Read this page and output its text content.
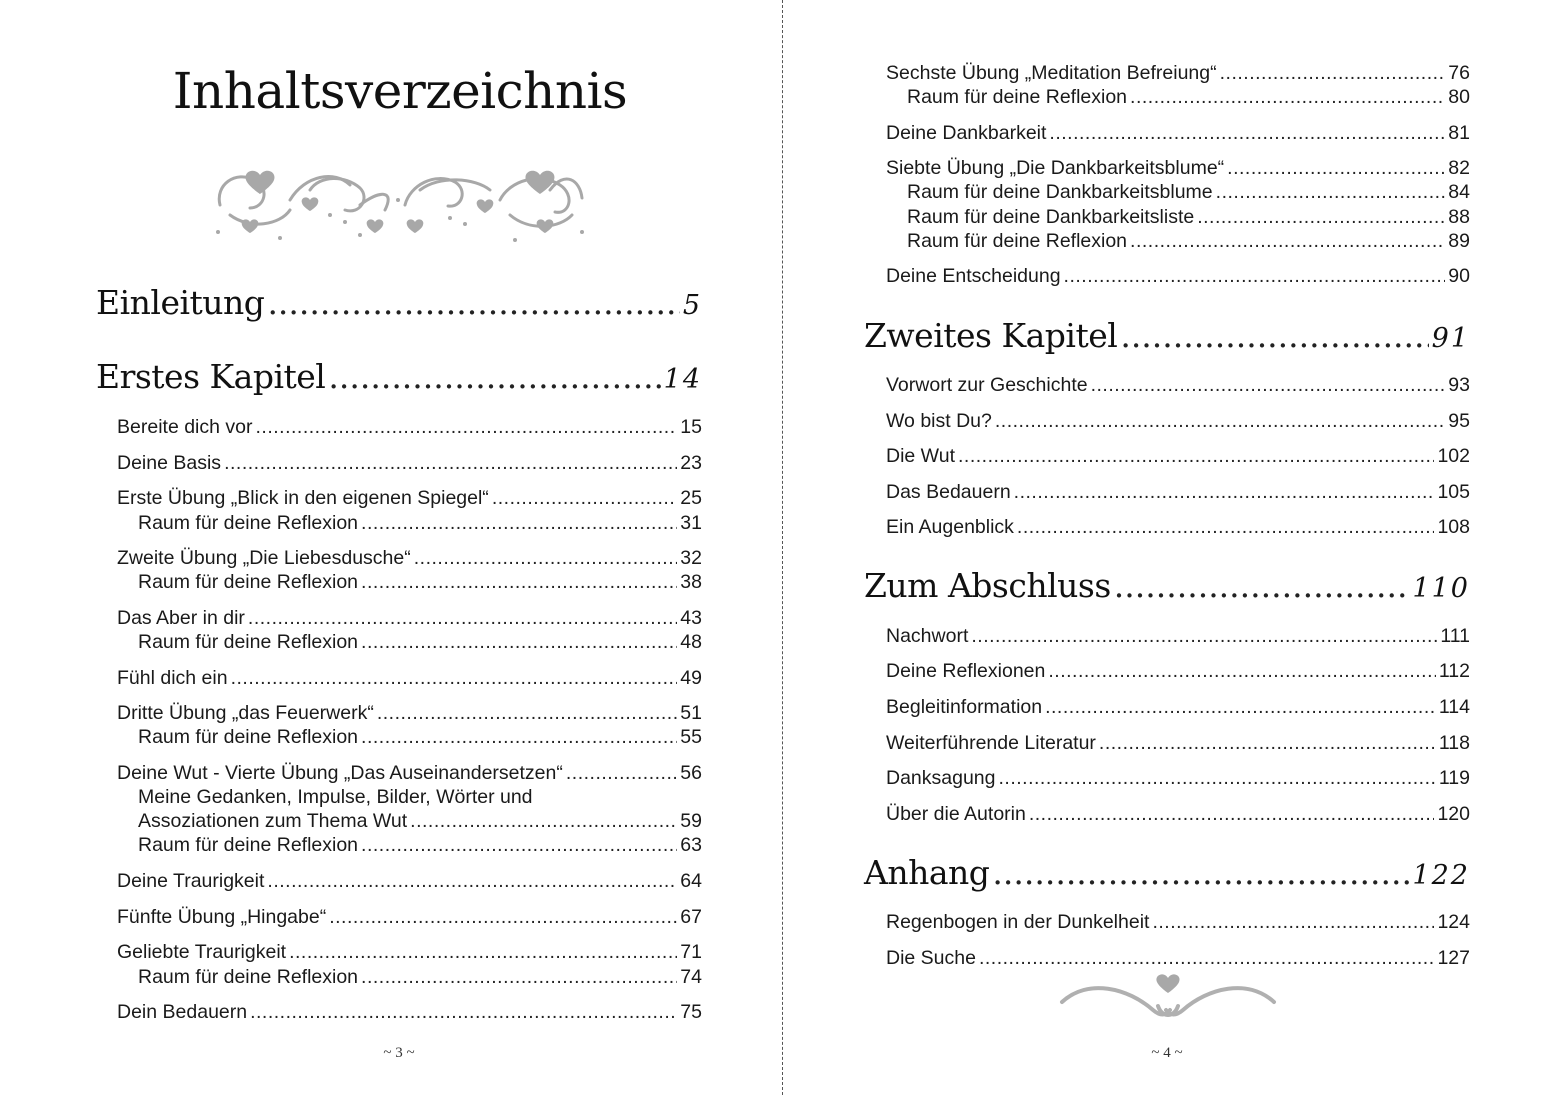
Inhaltsverzeichnis
Einleitung .....	5
Erstes Kapitel .....	14
Bereite dich vor .....	15
Deine Basis .....	23
Erste Übung „Blick in den eigenen Spiegel“ .....	25
Raum für deine Reflexion .....	31
Zweite Übung „Die Liebesdusche“ .....	32
Raum für deine Reflexion .....	38
Das Aber in dir .....	43
Raum für deine Reflexion .....	48
Fühl dich ein .....	49
Dritte Übung „das Feuerwerk“ .....	51
Raum für deine Reflexion .....	55
Deine Wut - Vierte Übung „Das Auseinandersetzen“ .....	56
Meine Gedanken, Impulse, Bilder, Wörter und
Assoziationen zum Thema Wut .....	59
Raum für deine Reflexion .....	63
Deine Traurigkeit .....	64
Fünfte Übung „Hingabe“ .....	67
Geliebte Traurigkeit .....	71
Raum für deine Reflexion .....	74
Dein Bedauern .....	75
~ 3 ~
Sechste Übung „Meditation Befreiung“ .....	76
Raum für deine Reflexion .....	80
Deine Dankbarkeit .....	81
Siebte Übung „Die Dankbarkeitsblume“ .....	82
Raum für deine Dankbarkeitsblume .....	84
Raum für deine Dankbarkeitsliste .....	88
Raum für deine Reflexion .....	89
Deine Entscheidung .....	90
Zweites Kapitel .....	91
Vorwort zur Geschichte .....	93
Wo bist Du? .....	95
Die Wut .....	102
Das Bedauern .....	105
Ein Augenblick .....	108
Zum Abschluss .....	110
Nachwort .....	111
Deine Reflexionen .....	112
Begleitinformation .....	114
Weiterführende Literatur .....	118
Danksagung .....	119
Über die Autorin .....	120
Anhang .....	122
Regenbogen in der Dunkelheit .....	124
Die Suche .....	127
~ 4 ~
